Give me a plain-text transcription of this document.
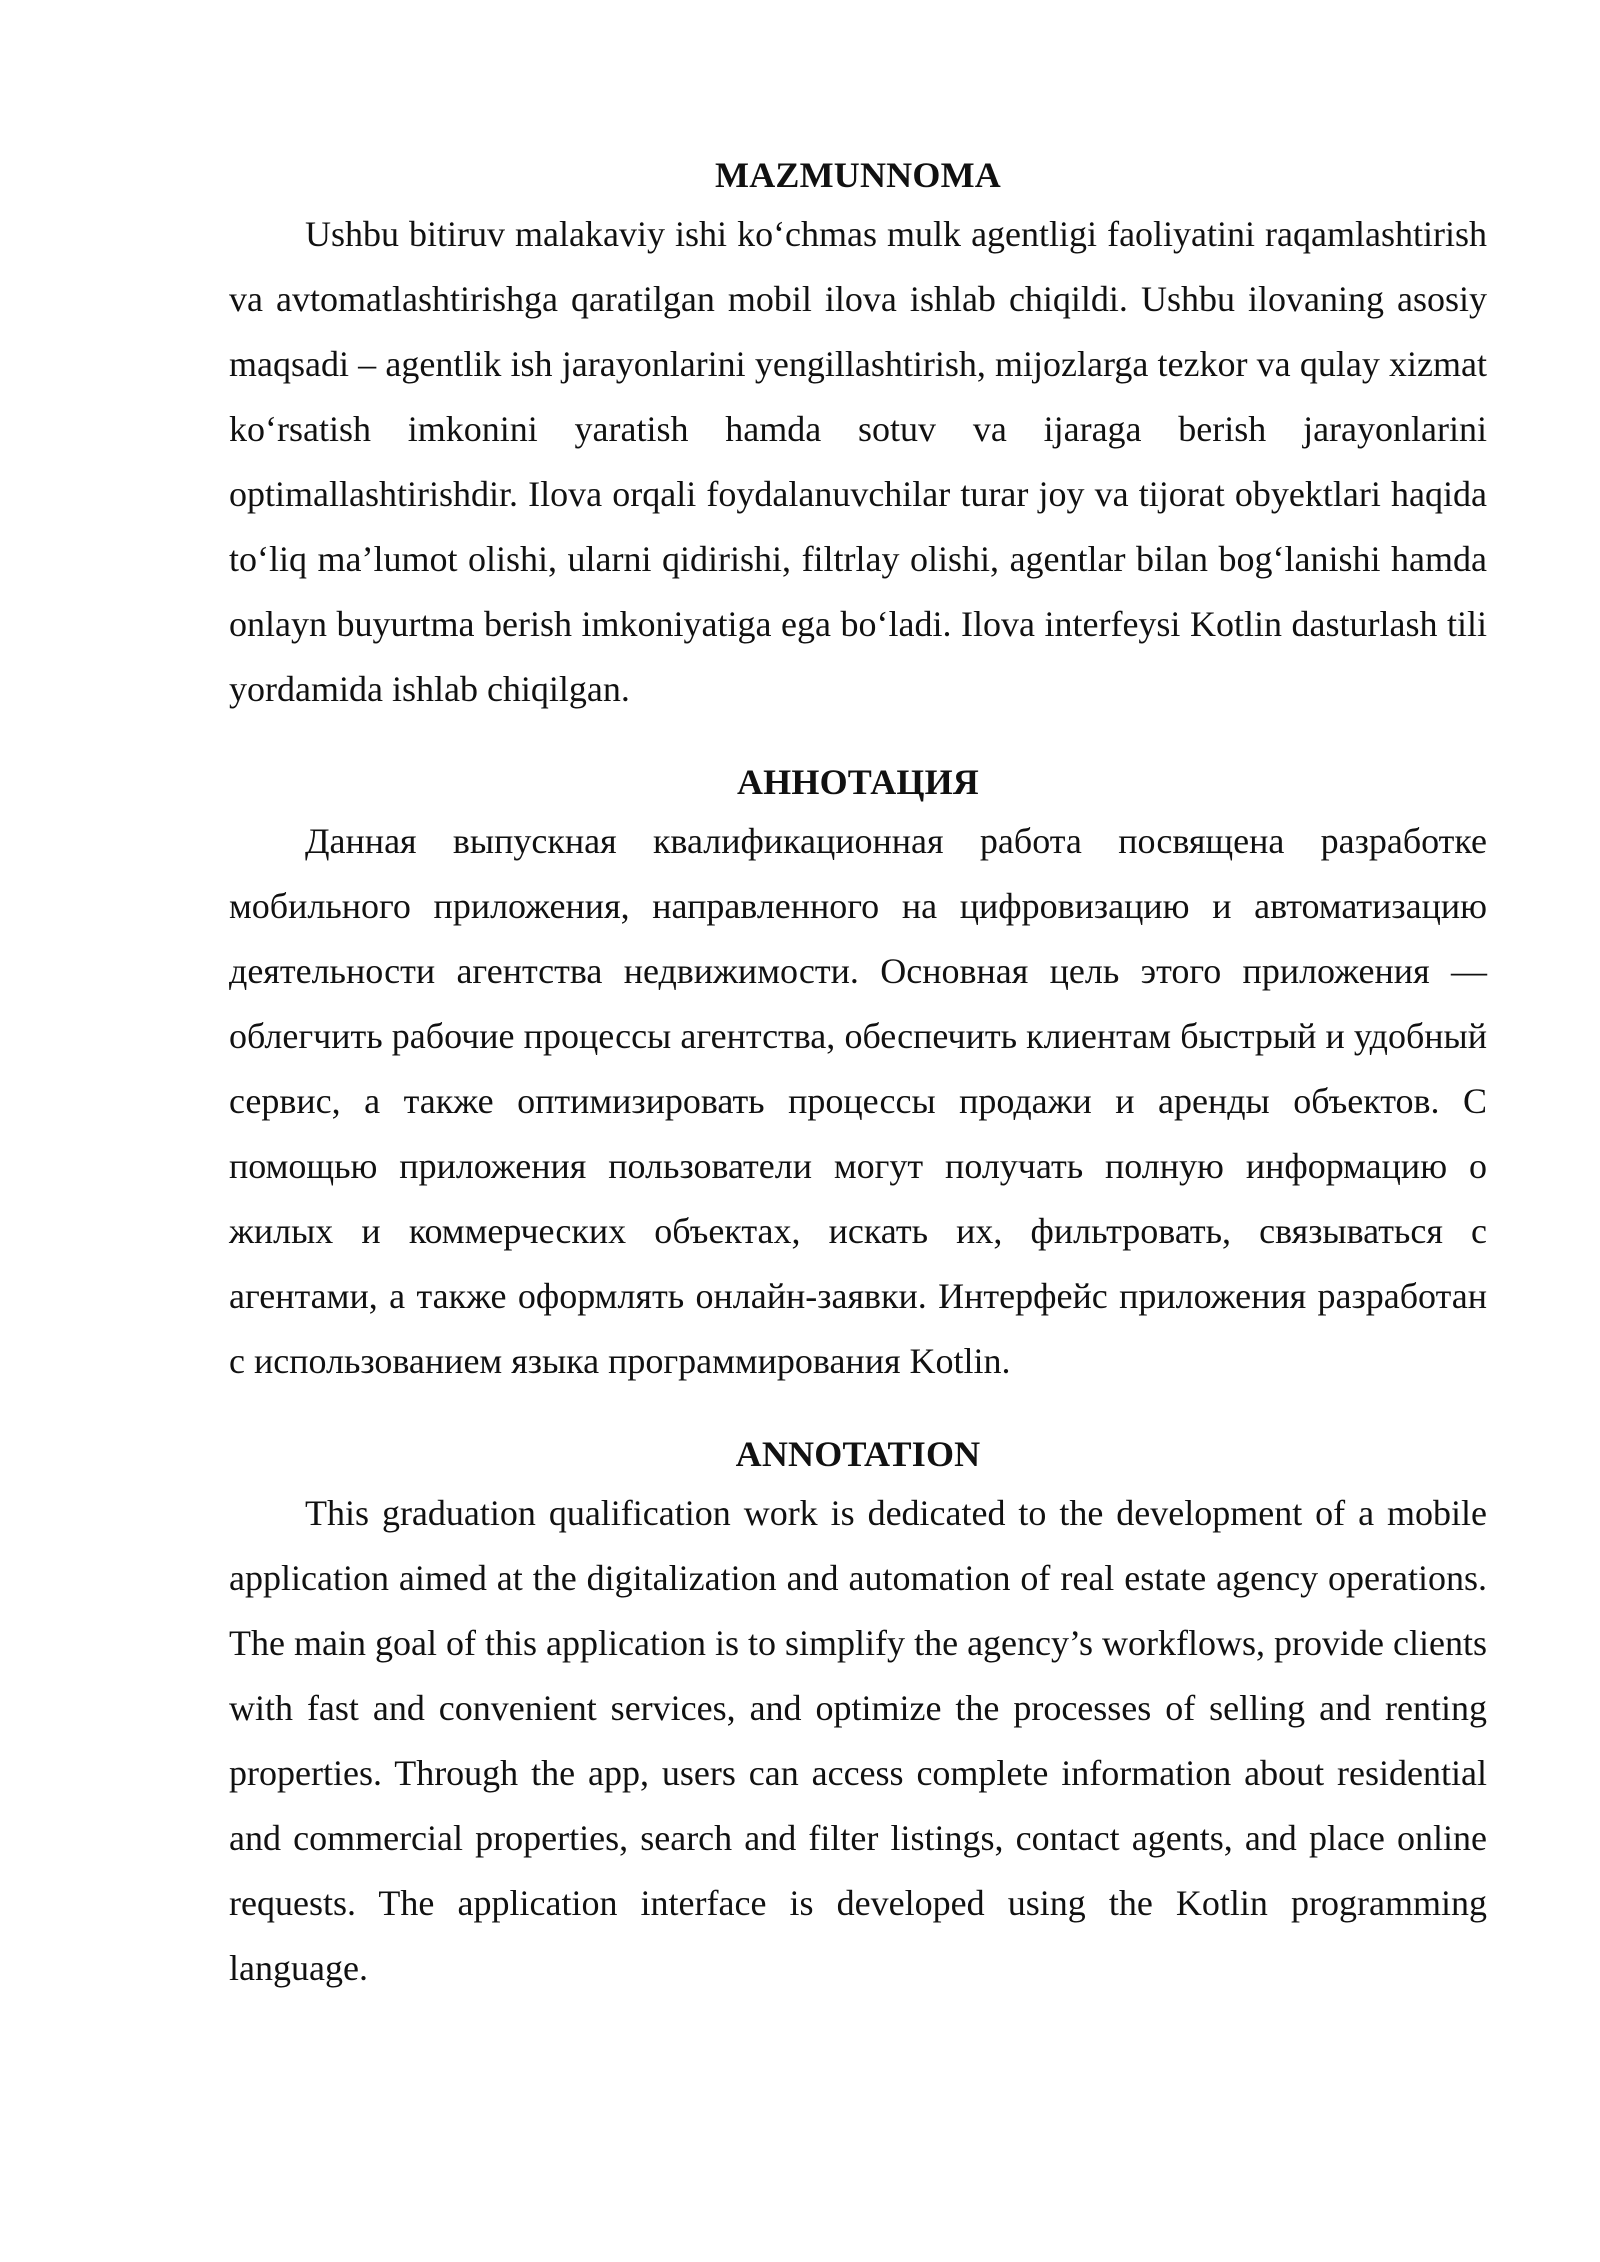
MAZMUNNOMA

Ushbu bitiruv malakaviy ishi ko‘chmas mulk agentligi faoliyatini raqamlashtirish va avtomatlashtirishga qaratilgan mobil ilova ishlab chiqildi. Ushbu ilovaning asosiy maqsadi – agentlik ish jarayonlarini yengillashtirish, mijozlarga tezkor va qulay xizmat ko‘rsatish imkonini yaratish hamda sotuv va ijaraga berish jarayonlarini optimallashtirishdir. Ilova orqali foydalanuvchilar turar joy va tijorat obyektlari haqida to‘liq ma’lumot olishi, ularni qidirishi, filtrlay olishi, agentlar bilan bog‘lanishi hamda onlayn buyurtma berish imkoniyatiga ega bo‘ladi. Ilova interfeysi Kotlin dasturlash tili yordamida ishlab chiqilgan.

АННОТАЦИЯ

Данная выпускная квалификационная работа посвящена разработке мобильного приложения, направленного на цифровизацию и автоматизацию деятельности агентства недвижимости. Основная цель этого приложения — облегчить рабочие процессы агентства, обеспечить клиентам быстрый и удобный сервис, а также оптимизировать процессы продажи и аренды объектов. С помощью приложения пользователи могут получать полную информацию о жилых и коммерческих объектах, искать их, фильтровать, связываться с агентами, а также оформлять онлайн-заявки. Интерфейс приложения разработан с использованием языка программирования Kotlin.

ANNOTATION

This graduation qualification work is dedicated to the development of a mobile application aimed at the digitalization and automation of real estate agency operations. The main goal of this application is to simplify the agency’s workflows, provide clients with fast and convenient services, and optimize the processes of selling and renting properties. Through the app, users can access complete information about residential and commercial properties, search and filter listings, contact agents, and place online requests. The application interface is developed using the Kotlin programming language.
